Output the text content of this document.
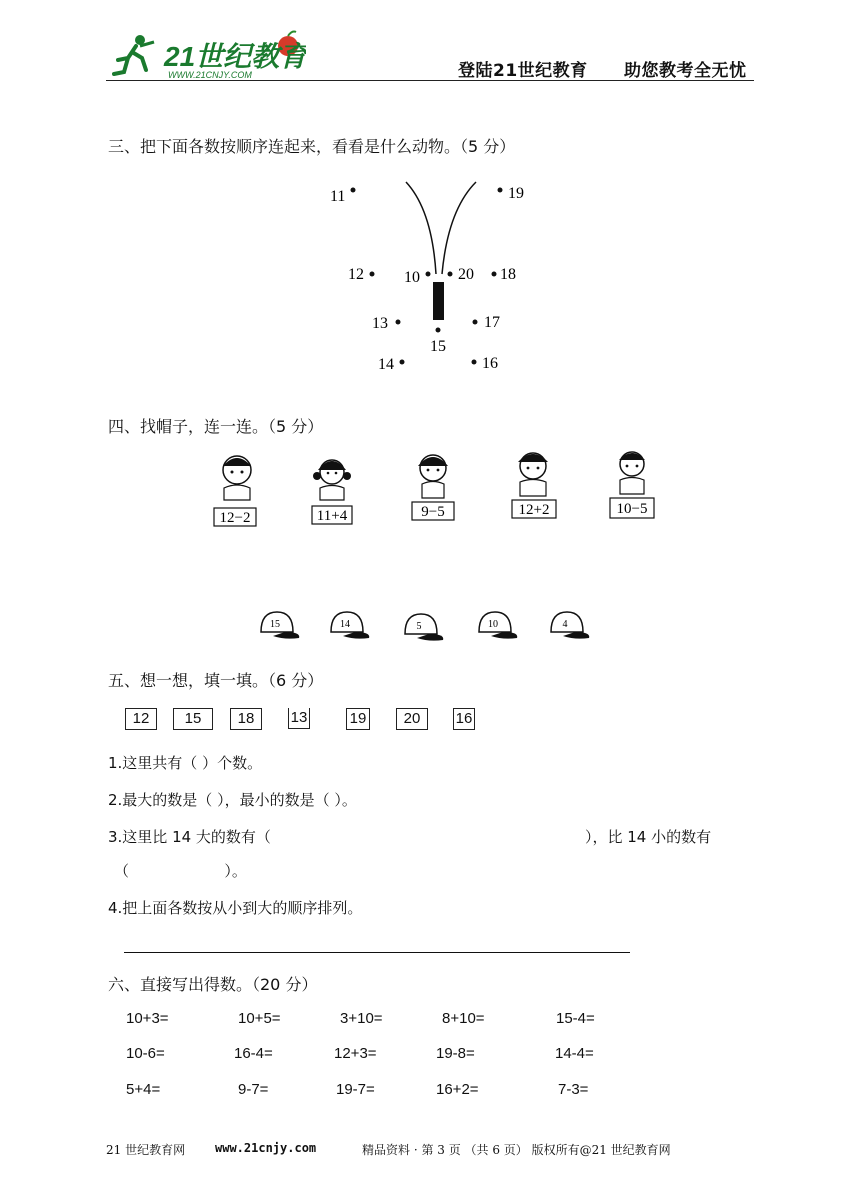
21世纪教育
WWW.21CNJY.COM	登陆21世纪教育 助您教考全无忧
三、把下面各数按顺序连起来，看看是什么动物。（5 分）
11	19
12	10 20 18
13	17
15
14	16
四、找帽子，连一连。（5 分）
12−2	11+4	9−5	12+2	10−5
15	14	5	10	4
五、想一想，填一填。（6 分）
12	15	18	13	19	20	16
1.这里共有（ ）个数。
2.最大的数是（ ），最小的数是（ ）。
3.这里比 14 大的数有（	），比 14 小的数有
（                    ）。
4.把上面各数按从小到大的顺序排列。
六、直接写出得数。（20 分）
10+3=	10+5=	3+10=	8+10=	15-4=
10-6=	16-4=	12+3=	19-8=	14-4=
5+4=	9-7=	19-7=	16+2=	7-3=
21 世纪教育网 www.21cnjy.com	精品资料 · 第 3 页 （共 6 页） 版权所有@21 世纪教育网
